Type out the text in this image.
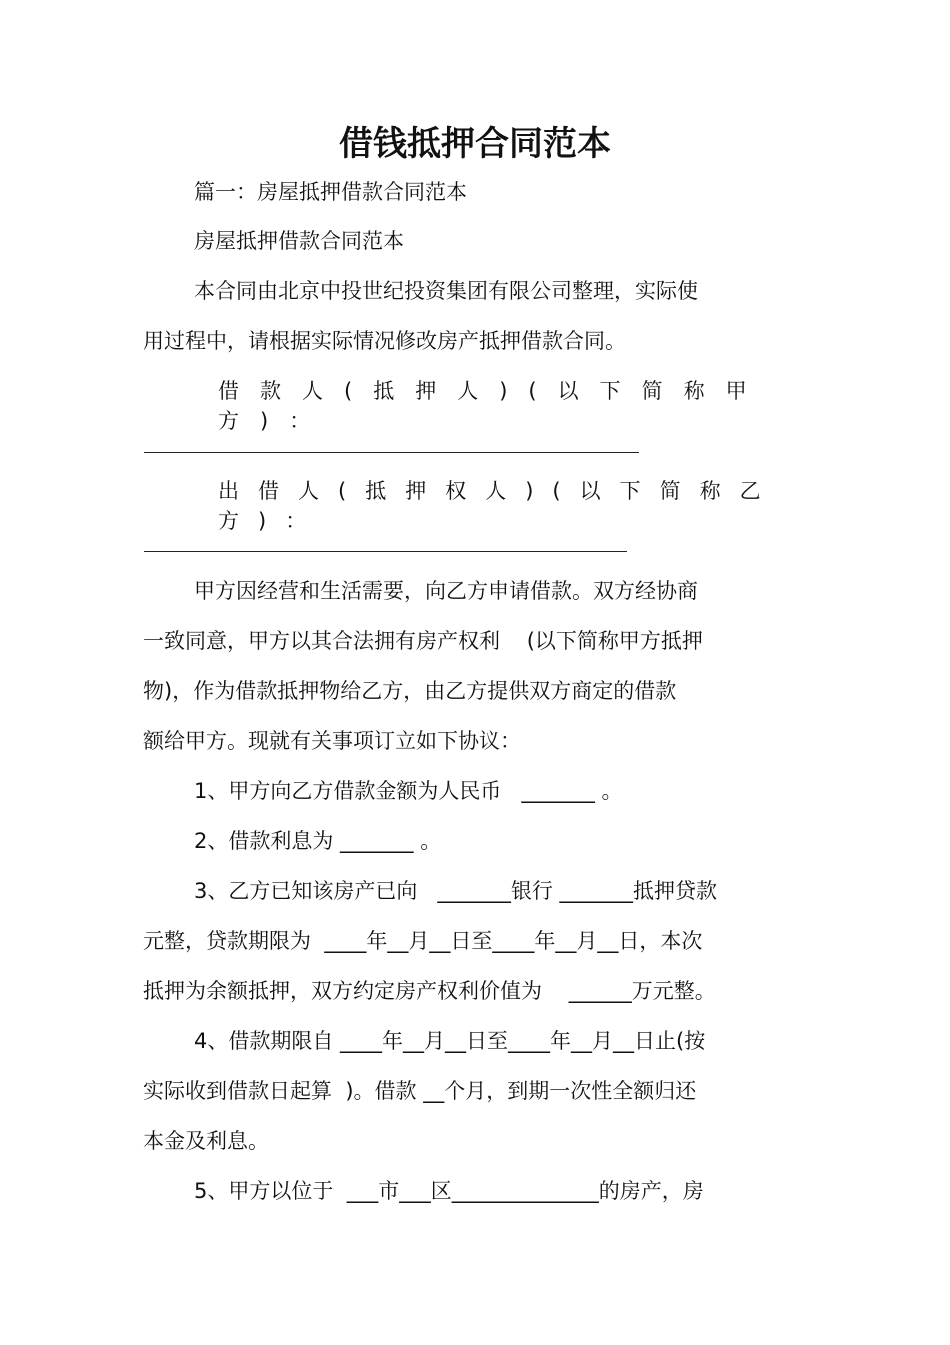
借钱抵押合同范本

篇一：房屋抵押借款合同范本

房屋抵押借款合同范本

本合同由北京中投世纪投资集团有限公司整理，实际使

用过程中，请根据实际情况修改房产抵押借款合同。

借款人(抵押人)(以下简称甲方)：

出借人(抵押权人)(以下简称乙方)：

甲方因经营和生活需要，向乙方申请借款。双方经协商

一致同意，甲方以其合法拥有房产权利    (以下简称甲方抵押

物)，作为借款抵押物给乙方，由乙方提供双方商定的借款

额给甲方。现就有关事项订立如下协议：

1、甲方向乙方借款金额为人民币   _______ 。

2、借款利息为 _______ 。

3、乙方已知该房产已向   _______银行 _______抵押贷款

元整，贷款期限为  ____年__月__日至____年__月__日，本次

抵押为余额抵押，双方约定房产权利价值为    ______万元整。

4、借款期限自 ____年__月__日至____年__月__日止(按

实际收到借款日起算  )。借款 __个月，到期一次性全额归还

本金及利息。

5、甲方以位于  ___市___区______________的房产，房
